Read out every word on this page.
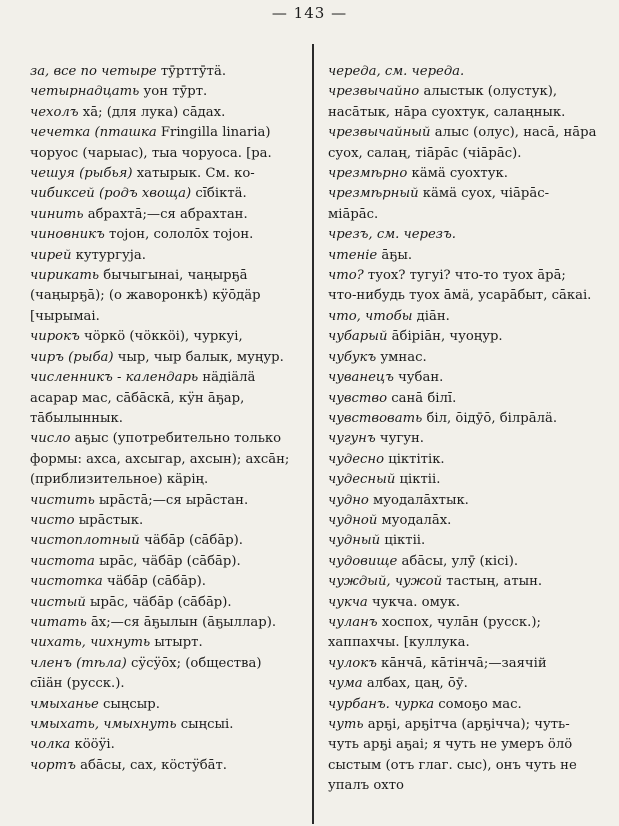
— 143 —

за, все по четыре тӯрттӯтӓ.

четырнадцать уон тӯрт.

чехолъ ха̄; (для лука) са̄дах.

чечетка (пташка Fringilla linaria) чоруос (чарыас), тыа чоруоса. [ра.

чешуя (рыбья) хатырык. См. ко-

чибиксей (родъ хвоща) сі̄біктӓ.

чинить абрахта̄;—ся абрахтан.

чиновникъ тојон, сололо̄х тојон.

чирей кутургуја.

чирикать бычыгынаі, чаңырҕа̄ (чаңырҕа̄); (о жаворонкѣ) кӱо̄дӓр [чырымаі.

чирокъ чӧркӧ (чӧккӧі), чуркуі,

чиръ (рыба) чыр, чыр балык, муңур.

численникъ - календарь нӓдіӓлӓ асарар мас, са̄ба̄ска̄, кӱн а̄ҕар, та̄былыннык.

число аҕыс (употребительно только формы: ахса, ахсыгар, ахсын); ахса̄н; (приблизительное) кӓрің.

чистить ыра̄ста̄;—ся ыра̄стан.

чисто ыра̄стык.

чистоплотный чӓба̄р (са̄ба̄р).

чистота ыра̄с, чӓба̄р (са̄ба̄р).

чистотка чӓба̄р (са̄ба̄р).

чистый ыра̄с, чӓба̄р (са̄ба̄р).

читать а̄х;—ся а̄ҕылын (а̄ҕыллар).

чихать, чихнуть ытырт.

членъ (тѣла) сӱсӱо̄х; (общества) сі̄іӓн (русск.).

чмыханье сыңсыр.

чмыхать, чмыхнуть сыңсыі.

чолка кӧӧӱі.

чортъ аба̄сы, сах, кӧстӱба̄т.

череда, см. череда.

чрезвычайно алыстык (олустук), наса̄тык, на̄ра суохтук, салаңнык.

чрезвычайный алыс (олус), наса̄, на̄ра суох, салаң, тіа̄ра̄с (чіа̄ра̄с).

чрезмѣрно кӓмӓ суохтук.

чрезмѣрный кӓмӓ суох, чіа̄ра̄с-міа̄ра̄с.

чрезъ, см. черезъ.

чтеніе а̄ҕы.

что? туох? тугуі? что-то туох а̄ра̄; что-нибудь туох а̄мӓ, усара̄быт, са̄каі.

что, чтобы діа̄н.

чубарый а̄біріа̄н, чуоңур.

чубукъ умнас.

чуванецъ чубан.

чувство сана̄ білі̄.

чувствовать біл, о̄ідӯо̄, білра̄лӓ.

чугунъ чугун.

чудесно ціктітік.

чудесный ціктіі.

чудно муодала̄хтык.

чудной муодала̄х.

чудный ціктіі.

чудовище аба̄сы, улӯ (кісі).

чуждый, чужой тастың, атын.

чукча чукча. омук.

чуланъ хоспох, чула̄н (русск.); хаппахчы. [куллука.

чулокъ ка̄нча̄, ка̄тінча̄;—заячій

чума албах, цаң, о̄ӯ.

чурбанъ. чурка сомоҕо мас.

чуть арҕі, арҕітча (арҕічча); чуть-чуть арҕі аҕаі; я чуть не умеръ ӧлӧ сыстым (отъ глаг. сыс), онъ чуть не упалъ охто
